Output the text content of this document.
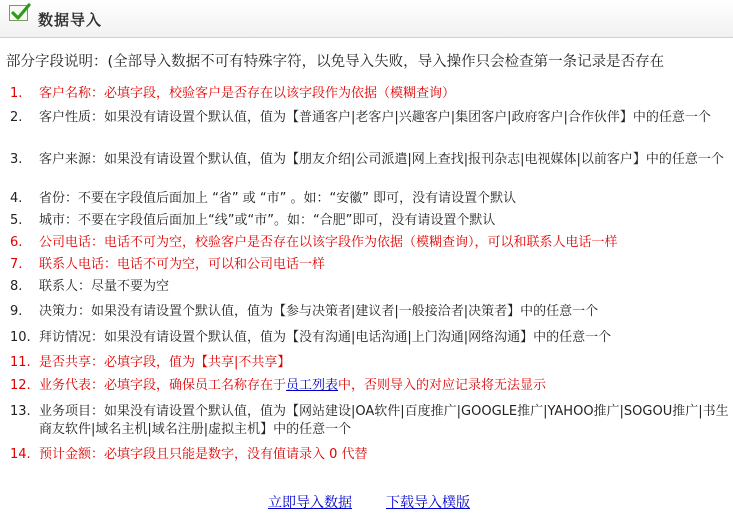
数据导入
部分字段说明：(全部导入数据不可有特殊字符，以免导入失败，导入操作只会检查第一条记录是否存在
1.	客户名称：必填字段，校验客户是否存在以该字段作为依据（模糊查询）
2.	客户性质：如果没有请设置个默认值，值为【普通客户|老客户|兴趣客户|集团客户|政府客户|合作伙伴】中的任意一个
3.	客户来源：如果没有请设置个默认值，值为【朋友介绍|公司派遣|网上查找|报刊杂志|电视媒体|以前客户】中的任意一个
4.	省份：不要在字段值后面加上 “省” 或 “市” 。如：“安徽” 即可，没有请设置个默认
5.	城市：不要在字段值后面加上“线”或“市”。如：“合肥”即可，没有请设置个默认
6.	公司电话：电话不可为空，校验客户是否存在以该字段作为依据（模糊查询），可以和联系人电话一样
7.	联系人电话：电话不可为空，可以和公司电话一样
8.	联系人：尽量不要为空
9.	决策力：如果没有请设置个默认值，值为【参与决策者|建议者|一般接洽者|决策者】中的任意一个
10. 拜访情况：如果没有请设置个默认值，值为【没有沟通|电话沟通|上门沟通|网络沟通】中的任意一个
11. 是否共享：必填字段，值为【共享|不共享】
12. 业务代表：必填字段，确保员工名称存在于员工列表中，否则导入的对应记录将无法显示
13. 业务项目：如果没有请设置个默认值，值为【网站建设|OA软件|百度推广|GOOGLE推广|YAHOO推广|SOGOU推广|书生商友软件|域名主机|域名注册|虚拟主机】中的任意一个
14. 预计金额：必填字段且只能是数字，没有值请录入 0 代替
立即导入数据 下载导入樸版
